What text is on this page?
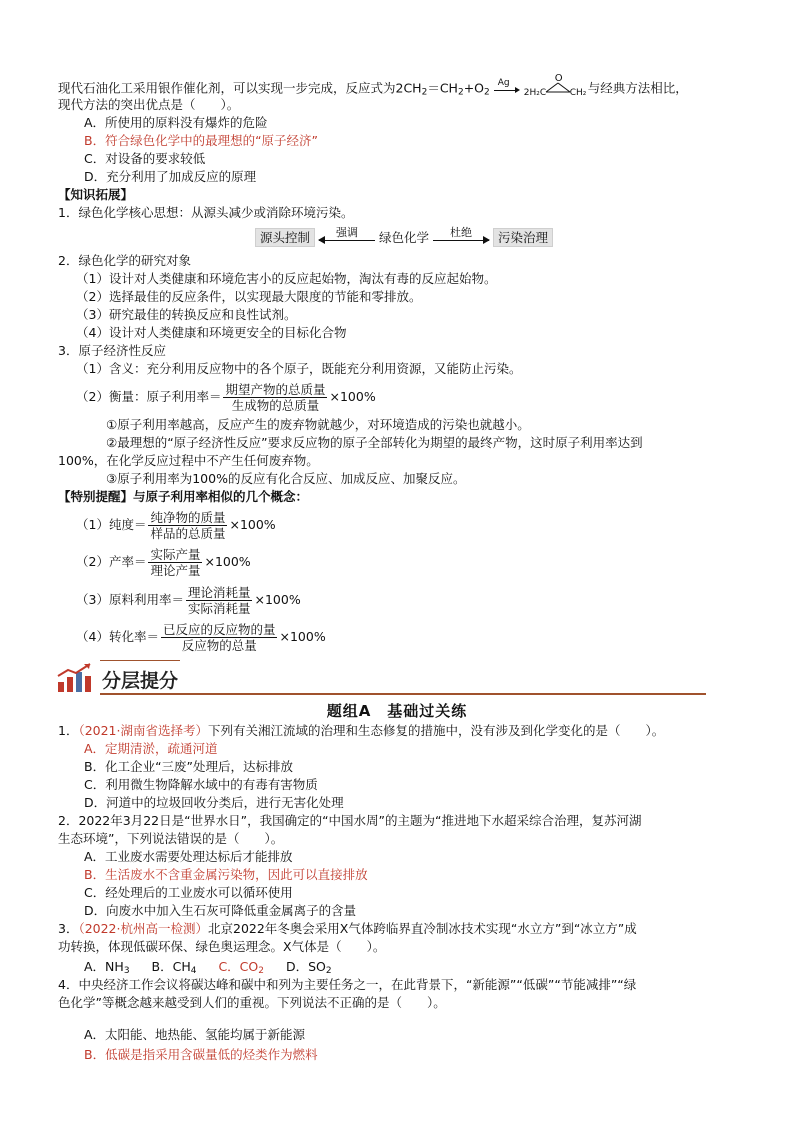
现代石油化工采用银作催化剂，可以实现一步完成，反应式为$2CH_2=CH_2+O_2$
Ag

2H₂C
O
CH₂ 与经典方法相比，
现代方法的突出优点是（　　）。
A．所使用的原料没有爆炸的危险
B．符合绿色化学中的最理想的“原子经济”
C．对设备的要求较低
D．充分利用了加成反应的原理
【知识拓展】
1．绿色化学核心思想：从源头减少或消除环境污染。
源头控制	强调	绿色化学	杜绝	污染治理
2．绿色化学的研究对象
（1）设计对人类健康和环境危害小的反应起始物，淘汰有毒的反应起始物。
（2）选择最佳的反应条件，以实现最大限度的节能和零排放。
（3）研究最佳的转换反应和良性试剂。
（4）设计对人类健康和环境更安全的目标化合物
3．原子经济性反应
（1）含义：充分利用反应物中的各个原子，既能充分利用资源，又能防止污染。
（2）衡量：原子利用率＝ $\frac{\text{期望产物的总质量}}{\text{生成物的总质量}} \times 100\%$
①原子利用率越高，反应产生的废弃物就越少，对环境造成的污染也就越小。
②最理想的“原子经济性反应”要求反应物的原子全部转化为期望的最终产物，这时原子利用率达到
100%，在化学反应过程中不产生任何废弃物。
③原子利用率为100%的反应有化合反应、加成反应、加聚反应。
【特别提醒】与原子利用率相似的几个概念：
（1）纯度＝ $\frac{\text{纯净物的质量}}{\text{样品的总质量}} \times 100\%$
（2）产率＝ $\frac{\text{实际产量}}{\text{理论产量}} \times 100\%$
（3）原料利用率＝ $\frac{\text{理论消耗量}}{\text{实际消耗量}} \times 100\%$
（4）转化率＝ $\frac{\text{已反应的反应物的量}}{\text{反应物的总量}} \times 100\%$
分层提分
题组A　基础过关练
1．（2021·湖南省选择考）下列有关湘江流域的治理和生态修复的措施中，没有涉及到化学变化的是（　　）。
A．定期清淤，疏通河道
B．化工企业“三废”处理后，达标排放
C．利用微生物降解水域中的有毒有害物质
D．河道中的垃圾回收分类后，进行无害化处理
2．2022年3月22日是“世界水日”，我国确定的“中国水周”的主题为“推进地下水超采综合治理，复苏河湖
生态环境”，下列说法错误的是（　　）。
A．工业废水需要处理达标后才能排放
B．生活废水不含重金属污染物，因此可以直接排放
C．经处理后的工业废水可以循环使用
D．向废水中加入生石灰可降低重金属离子的含量
3．（2022·杭州高一检测）北京2022年冬奥会采用X气体跨临界直冷制冰技术实现“水立方”到“冰立方”成
功转换，体现低碳环保、绿色奥运理念。X气体是（　　）。
A．$NH_3$ B．$CH_4$ C．$CO_2$ D．$SO_2$
4．中央经济工作会议将碳达峰和碳中和列为主要任务之一，在此背景下，“新能源”“低碳”“节能减排”“绿
色化学”等概念越来越受到人们的重视。下列说法不正确的是（　　）。
A．太阳能、地热能、氢能均属于新能源
B．低碳是指采用含碳量低的烃类作为燃料
